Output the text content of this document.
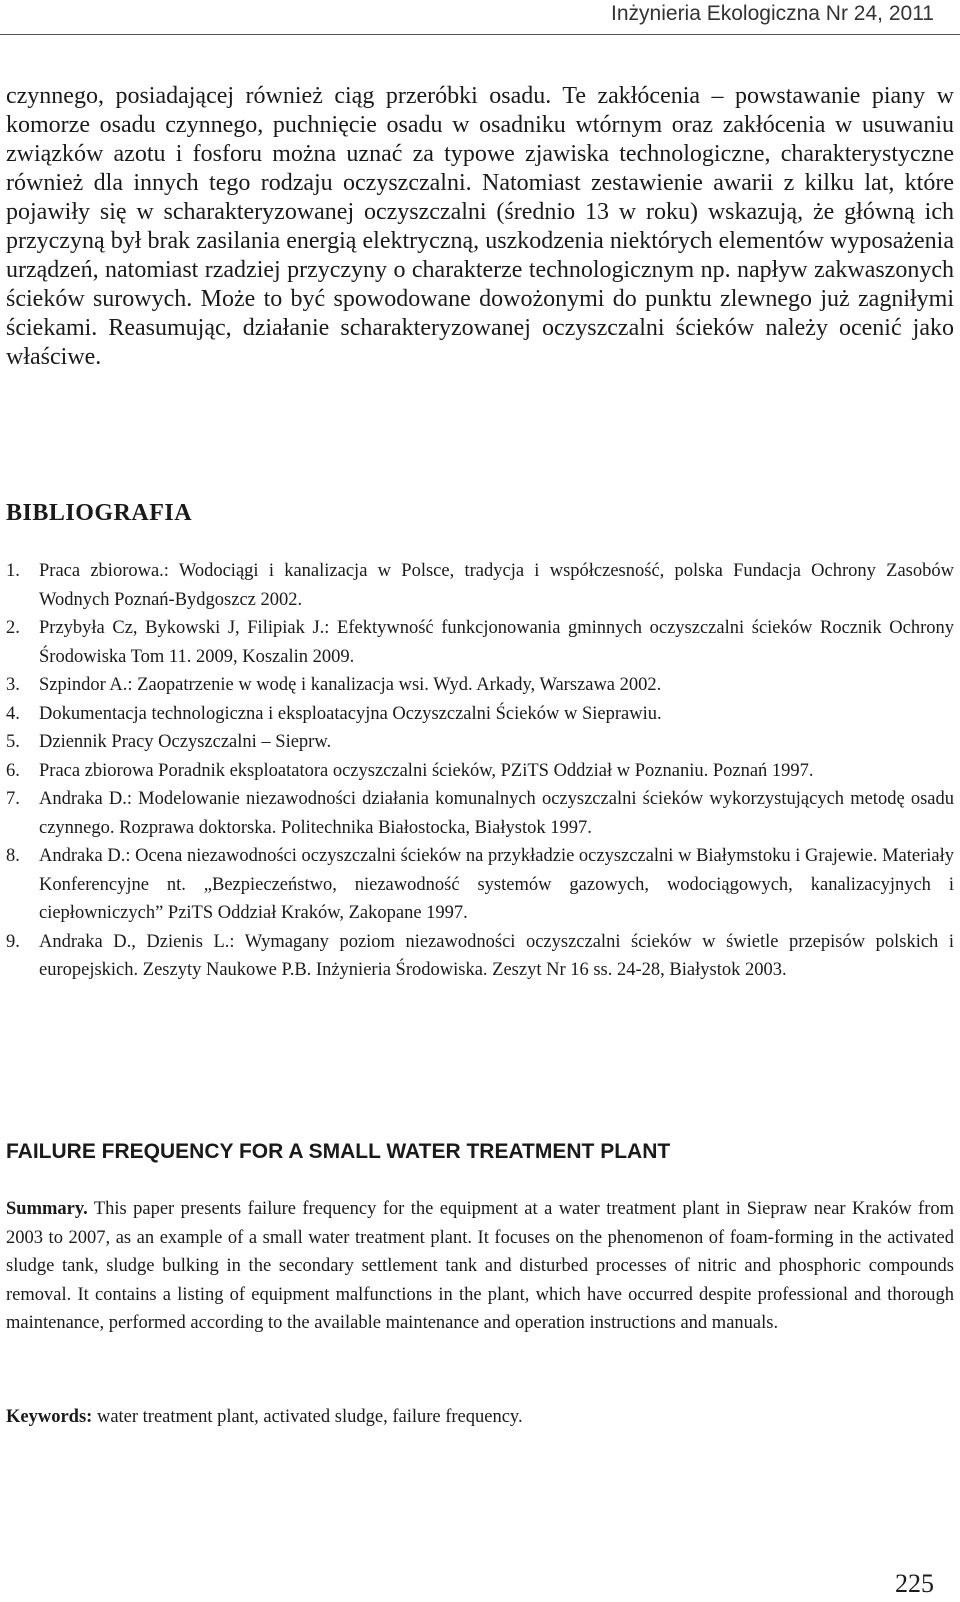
Inżynieria Ekologiczna Nr 24, 2011

czynnego, posiadającej również ciąg przeróbki osadu. Te zakłócenia – powstawanie piany w komorze osadu czynnego, puchnięcie osadu w osadniku wtórnym oraz zakłócenia w usuwaniu związków azotu i fosforu można uznać za typowe zjawiska technologiczne, charakterystyczne również dla innych tego rodzaju oczyszczalni. Natomiast zestawienie awarii z kilku lat, które pojawiły się w scharakteryzowanej oczyszczalni (średnio 13 w roku) wskazują, że główną ich przyczyną był brak zasilania energią elektryczną, uszkodzenia niektórych elementów wyposażenia urządzeń, natomiast rzadziej przyczyny o charakterze technologicznym np. napływ zakwaszonych ścieków surowych. Może to być spowodowane dowożonymi do punktu zlewnego już zagniłymi ściekami. Reasumując, działanie scharakteryzowanej oczyszczalni ścieków należy ocenić jako właściwe.

BIBLIOGRAFIA
1. Praca zbiorowa.: Wodociągi i kanalizacja w Polsce, tradycja i współczesność, polska Fundacja Ochrony Zasobów Wodnych Poznań-Bydgoszcz 2002.
2. Przybyła Cz, Bykowski J, Filipiak J.: Efektywność funkcjonowania gminnych oczyszczalni ścieków Rocznik Ochrony Środowiska Tom 11. 2009, Koszalin 2009.
3. Szpindor A.: Zaopatrzenie w wodę i kanalizacja wsi. Wyd. Arkady, Warszawa 2002.
4. Dokumentacja technologiczna i eksploatacyjna Oczyszczalni Ścieków w Siepraw​iu.
5. Dziennik Pracy Oczyszczalni – Sieprw.
6. Praca zbiorowa Poradnik eksploatatora oczyszczalni ścieków, PZiTS Oddział w Poznaniu. Poznań 1997.
7. Andraka D.: Modelowanie niezawodności działania komunalnych oczyszczalni ścieków wykorzystujących metodę osadu czynnego. Rozprawa doktorska. Politechnika Białostocka, Białystok 1997.
8. Andraka D.: Ocena niezawodności oczyszczalni ścieków na przykładzie oczyszczalni w Białymstoku i Grajewie. Materiały Konferencyjne nt. „Bezpieczeństwo, niezawodność systemów gazowych, wodociągowych, kanalizacyjnych i ciepłowniczych” PziTS Oddział Kraków, Zakopane 1997.
9. Andraka D., Dzienis L.: Wymagany poziom niezawodności oczyszczalni ścieków w świetle przepisów polskich i europejskich. Zeszyty Naukowe P.B. Inżynieria Środowiska. Zeszyt Nr 16 ss. 24-28, Białystok 2003.
FAILURE FREQUENCY FOR A SMALL WATER TREATMENT PLANT

Summary. This paper presents failure frequency for the equipment at a water treatment plant in Siepraw near Kraków from 2003 to 2007, as an example of a small water treatment plant. It focuses on the phenomenon of foam-forming in the activated sludge tank, sludge bulking in the secondary settlement tank and disturbed processes of nitric and phosphoric compounds removal. It contains a listing of equipment malfunctions in the plant, which have occurred despite professional and thorough maintenance, performed according to the available maintenance and operation instructions and manuals.

Keywords: water treatment plant, activated sludge, failure frequency.

225
